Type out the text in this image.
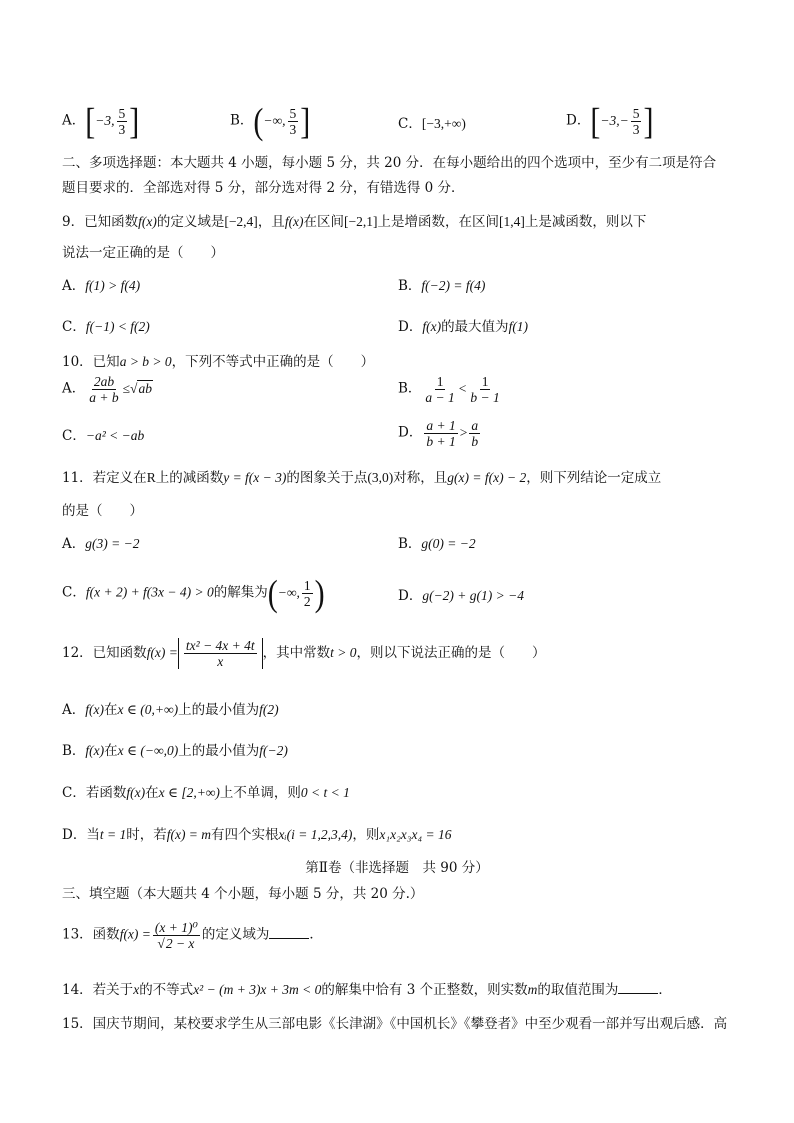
A．[−3, $\frac{5}{3}$ ]	B．(−∞, $\frac{5}{3}$ ]	C．[−3,+∞)	D．[$-3,- \frac{5}{3}$ ]
二、多项选择题：本大题共 4 小题，每小题 5 分，共 20 分．在每小题给出的四个选项中，至少有二项是符合
题目要求的．全部选对得 5 分，部分选对得 2 分，有错选得 0 分．
9．已知函数f(x)的定义域是[−2,4]，且f(x)在区间[−2,1]上是增函数，在区间[1,4]上是减函数，则以下
说法一定正确的是（　　）
A．f(1) > f(4)	B．f(−2) = f(4)
C．f(−1) < f(2)	D．f(x)的最大值为f(1)
10．已知a > b > 0，下列不等式中正确的是（　　）
A． $\frac{2ab}{a + b} \le√ab$	B． $\frac{1}{a - 1} < \frac{1}{b - 1}$
C．−a² < −ab	D． $\frac{a + 1}{b + 1} > \frac{a}{b}$
11．若定义在R上的减函数y = f(x − 3)的图象关于点(3,0)对称，且g(x) = f(x) − 2，则下列结论一定成立
的是（　　）
A．g(3) = −2	B．g(0) = −2
C．f(x + 2) + f(3x − 4) > 0的解集为(−∞, $\frac{1}{2}$ )	D．g(−2) + g(1) > −4
12．已知函数$f(x) = \frac{\text{tx² − 4x + 4t}}{x}$ ，其中常数t > 0，则以下说法正确的是（　　）
A．f(x)在x ∈ (0,+∞)上的最小值为f(2)
B．f(x)在x ∈ (−∞,0)上的最小值为f(−2)
C．若函数f(x)在x ∈ [2,+∞)上不单调，则0 < t < 1
D．当t = 1时，若f(x) = m有四个实根xᵢ(i = 1,2,3,4)，则x₁x₂x₃x₄ = 16
第Ⅱ卷（非选择题　共 90 分）
三、填空题（本大题共 4 个小题，每小题 5 分，共 20 分.）
13．函数$f(x) = \frac{\text{(x + 1)⁰}}{√2 - x}$ 的定义域为	．
14．若关于x的不等式x² − (m + 3)x + 3m < 0的解集中恰有 3 个正整数，则实数m的取值范围为	．
15．国庆节期间，某校要求学生从三部电影《长津湖》《中国机长》《攀登者》中至少观看一部并写出观后感．高
